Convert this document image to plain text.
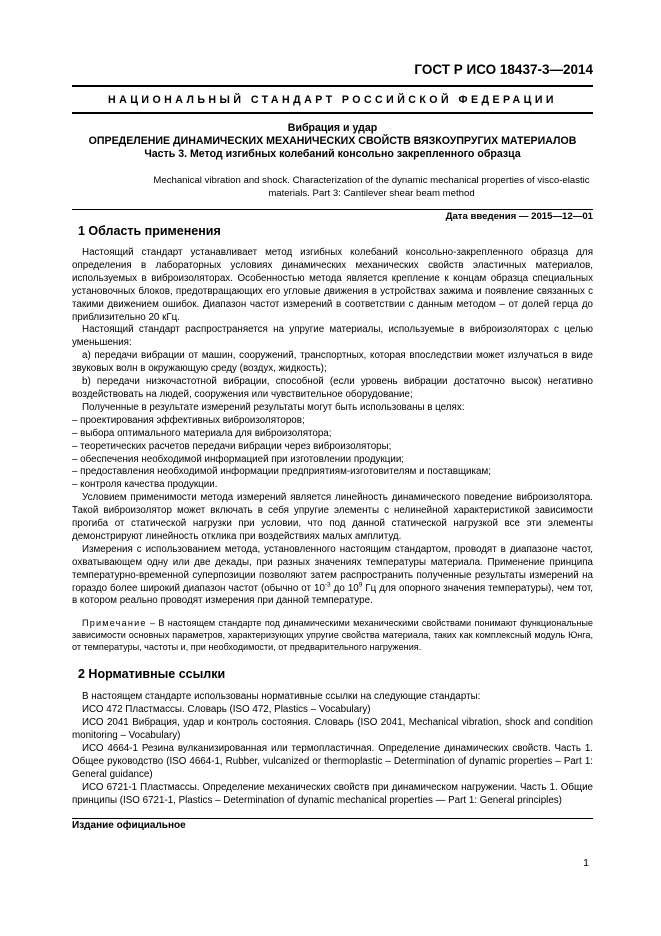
ГОСТ Р ИСО 18437-3—2014
НАЦИОНАЛЬНЫЙ СТАНДАРТ РОССИЙСКОЙ ФЕДЕРАЦИИ
Вибрация и удар
ОПРЕДЕЛЕНИЕ ДИНАМИЧЕСКИХ МЕХАНИЧЕСКИХ СВОЙСТВ ВЯЗКОУПРУГИХ МАТЕРИАЛОВ
Часть 3. Метод изгибных колебаний консольно закрепленного образца
Mechanical vibration and shock. Characterization of the dynamic mechanical properties of visco-elastic materials. Part 3: Cantilever shear beam method
Дата введения — 2015—12—01

1 Область применения

Настоящий стандарт устанавливает метод изгибных колебаний консольно-закрепленного образца для определения в лабораторных условиях динамических механических свойств эластичных материалов, используемых в виброизоляторах. Особенностью метода является крепление к концам образца специальных установочных блоков, предотвращающих его угловые движения в устройствах зажима и появление связанных с такими движением ошибок. Диапазон частот измерений в соответствии с данным методом – от долей герца до приблизительно 20 кГц.

Настоящий стандарт распространяется на упругие материалы, используемые в виброизоляторах с целью уменьшения:

а) передачи вибрации от машин, сооружений, транспортных, которая впоследствии может излучаться в виде звуковых волн в окружающую среду (воздух, жидкость);

b) передачи низкочастотной вибрации, способной (если уровень вибрации достаточно высок) негативно воздействовать на людей, сооружения или чувствительное оборудование;

Полученные в результате измерений результаты могут быть использованы в целях:

– проектирования эффективных виброизоляторов;

– выбора оптимального материала для виброизолятора;

– теоретических расчетов передачи вибрации через виброизоляторы;

– обеспечения необходимой информацией при изготовлении продукции;

– предоставления необходимой информации предприятиям-изготовителям и поставщикам;

– контроля качества продукции.

Условием применимости метода измерений является линейность динамического поведение виброизолятора. Такой виброизолятор может включать в себя упругие элементы с нелинейной характеристикой зависимости прогиба от статической нагрузки при условии, что под данной статической нагрузкой все эти элементы демонстрируют линейность отклика при воздействиях малых амплитуд.

Измерения с использованием метода, установленного настоящим стандартом, проводят в диапазоне частот, охватывающем одну или две декады, при разных значениях температуры материала. Применение принципа температурно-временной суперпозиции позволяют затем распространить полученные результаты измерений на гораздо более широкий диапазон частот (обычно от $10^{-3}$ до $10^9$ Гц для опорного значения температуры), чем тот, в котором реально проводят измерения при данной температуре.

Примечание – В настоящем стандарте под динамическими механическими свойствами понимают функциональные зависимости основных параметров, характеризующих упругие свойства материала, таких как комплексный модуль Юнга, от температуры, частоты и, при необходимости, от предварительного нагружения.

2 Нормативные ссылки

В настоящем стандарте использованы нормативные ссылки на следующие стандарты:

ИСО 472 Пластмассы. Словарь (ISO 472, Plastics – Vocabulary)

ИСО 2041 Вибрация, удар и контроль состояния. Словарь (ISO 2041, Mechanical vibration, shock and condition monitoring – Vocabulary)

ИСО 4664-1 Резина вулканизированная или термопластичная. Определение динамических свойств. Часть 1. Общее руководство (ISO 4664-1, Rubber, vulcanized or thermoplastic – Determination of dynamic properties – Part 1: General guidance)

ИСО 6721-1 Пластмассы. Определение механических свойств при динамическом нагружении. Часть 1. Общие принципы (ISO 6721-1, Plastics – Determination of dynamic mechanical properties — Part 1: General principles)

Издание официальное
1
